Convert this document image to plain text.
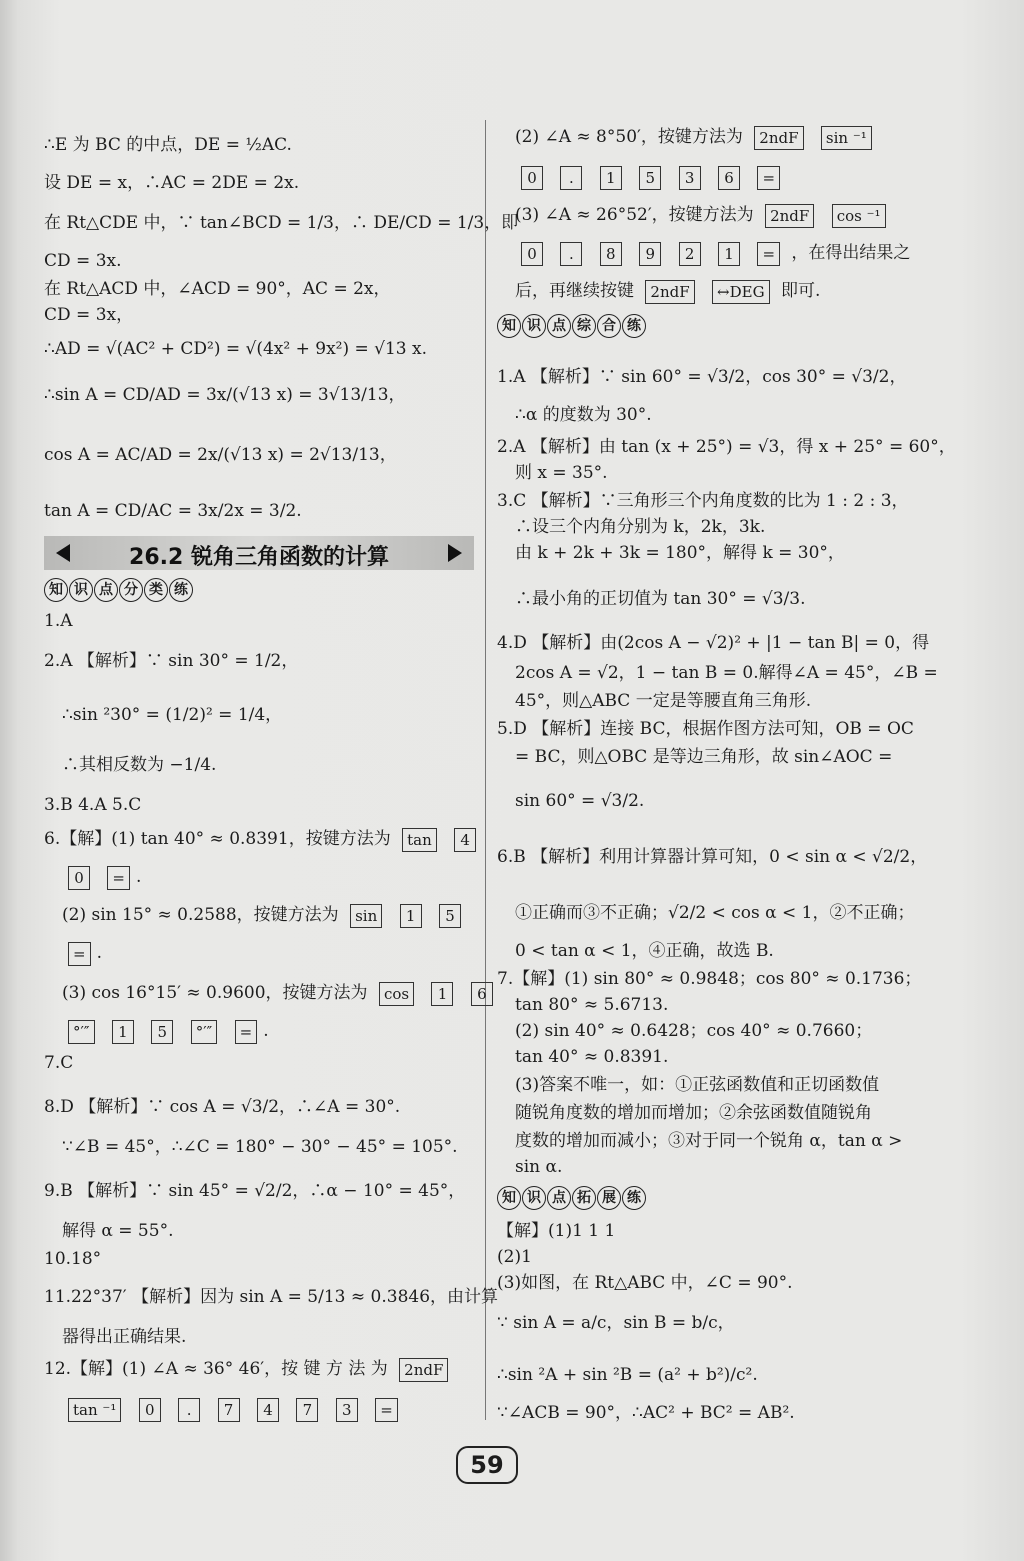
∴E 为 BC 的中点，DE = ½AC.
设 DE = x，∴AC = 2DE = 2x.
在 Rt△CDE 中，∵ tan∠BCD = 1/3，∴ DE/CD = 1/3，即
CD = 3x.
在 Rt△ACD 中，∠ACD = 90°，AC = 2x，
CD = 3x，
∴AD = √(AC² + CD²) = √(4x² + 9x²) = √13 x.
∴sin A = CD/AD = 3x/(√13 x) = 3√13/13，
cos A = AC/AD = 2x/(√13 x) = 2√13/13，
tan A = CD/AC = 3x/2x = 3/2.
26.2 锐角三角函数的计算
知 识 点 分 类 练
1.A
2.A 【解析】∵ sin 30° = 1/2，
∴sin ²30° = (1/2)² = 1/4，
∴其相反数为 −1/4.
3.B 4.A 5.C
6.【解】(1) tan 40° ≈ 0.8391，按键方法为 tan 4
0 = .
(2) sin 15° ≈ 0.2588，按键方法为 sin 1 5
= .
(3) cos 16°15′ ≈ 0.9600，按键方法为 cos 1 6
°′″ 1 5 °′″ = .
7.C
8.D 【解析】∵ cos A = √3/2，∴∠A = 30°.
∵∠B = 45°，∴∠C = 180° − 30° − 45° = 105°.
9.B 【解析】∵ sin 45° = √2/2，∴α − 10° = 45°，
解得 α = 55°.
10.18°
11.22°37′ 【解析】因为 sin A = 5/13 ≈ 0.3846，由计算
器得出正确结果.
12.【解】(1) ∠A ≈ 36° 46′，按 键 方 法 为 2ndF
tan ⁻¹ 0 . 7 4 7 3 =
(2) ∠A ≈ 8°50′，按键方法为 2ndF sin ⁻¹
0 . 1 5 3 6 =
(3) ∠A ≈ 26°52′，按键方法为 2ndF cos ⁻¹
0 . 8 9 2 1 = ，在得出结果之
后，再继续按键 2ndF ↔DEG 即可.
知 识 点 综 合 练
1.A 【解析】∵ sin 60° = √3/2，cos 30° = √3/2，
∴α 的度数为 30°.
2.A 【解析】由 tan (x + 25°) = √3，得 x + 25° = 60°，
则 x = 35°.
3.C 【解析】∵三角形三个内角度数的比为 1 : 2 : 3，
∴设三个内角分别为 k，2k，3k.
由 k + 2k + 3k = 180°，解得 k = 30°，
∴最小角的正切值为 tan 30° = √3/3.
4.D 【解析】由(2cos A − √2)² + |1 − tan B| = 0，得
2cos A = √2，1 − tan B = 0.解得∠A = 45°，∠B =
45°，则△ABC 一定是等腰直角三角形.
5.D 【解析】连接 BC，根据作图方法可知，OB = OC
= BC，则△OBC 是等边三角形，故 sin∠AOC =
sin 60° = √3/2.
6.B 【解析】利用计算器计算可知，0 < sin α < √2/2，
①正确而③不正确；√2/2 < cos α < 1，②不正确；
0 < tan α < 1，④正确，故选 B.
7.【解】(1) sin 80° ≈ 0.9848；cos 80° ≈ 0.1736；
tan 80° ≈ 5.6713.
(2) sin 40° ≈ 0.6428；cos 40° ≈ 0.7660；
tan 40° ≈ 0.8391.
(3)答案不唯一，如：①正弦函数值和正切函数值
随锐角度数的增加而增加；②余弦函数值随锐角
度数的增加而减小；③对于同一个锐角 α，tan α >
sin α.
知 识 点 拓 展 练
【解】(1)1 1 1
(2)1
(3)如图，在 Rt△ABC 中，∠C = 90°.
∵ sin A = a/c，sin B = b/c，
∴sin ²A + sin ²B = (a² + b²)/c².
∵∠ACB = 90°，∴AC² + BC² = AB².
59
